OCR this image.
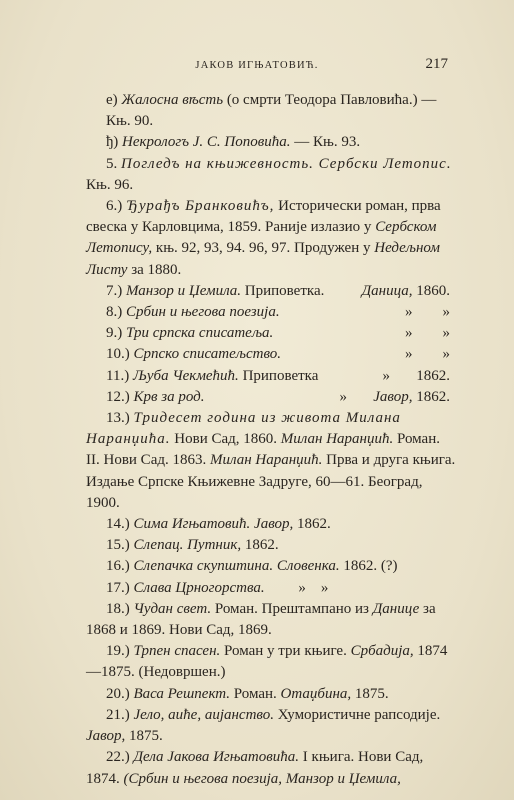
ЈАКОВ ИГЊАТОВИЋ.	217

е) Жалосна вѣсть (о смрти Теодора Павловића.) —
Књ. 90.

ђ) Некрологъ Ј. С. Поповића. — Књ. 93.

5. Погледъ на књижевность. Сербски Летопис.
Књ. 96.

6.) Ђурађъ Бранковићъ, Исторически роман, прва свеска у Карловцима, 1859. Раније излазио у Сербском Летопису, књ. 92, 93, 94. 96, 97. Продужен у Недељном Листу за 1880.

7.) Манзор и Џемила. Приповетка. Даница, 1860.
8.) Србин и његова поезија.	» »
9.) Три српска списатеља.	» »
10.) Српско списатељство.	» »
11.) Љуба Чекмећић. Приповетка	» 1862.
12.) Крв за род.	» Јавор, 1862.

13.) Тридесет година из живота Милана Наранџића. Нови Сад, 1860. Милан Наранџић. Роман. II. Нови Сад. 1863. Милан Наранџић. Прва и друга књига. Издање Српске Књижевне Задруге, 60—61. Београд, 1900.

14.) Сима Игњатовић. Јавор, 1862.

15.) Слепац. Путник, 1862.

16.) Слепачка скупштина. Словенка. 1862. (?)

17.) Слава Црногорства. » »

18.) Чудан свет. Роман. Прештампано из Данице за 1868 и 1869. Нови Сад, 1869.

19.) Трпен спасен. Роман у три књиге. Србадија, 1874—1875. (Недовршен.)

20.) Васа Решпект. Роман. Отаџбина, 1875.

21.) Јело, аиће, аијанство. Хумористичне рапсодије. Јавор, 1875.

22.) Дела Јакова Игњатовића. I књига. Нови Сад, 1874. (Србин и његова поезија, Манзор и Џемила,
